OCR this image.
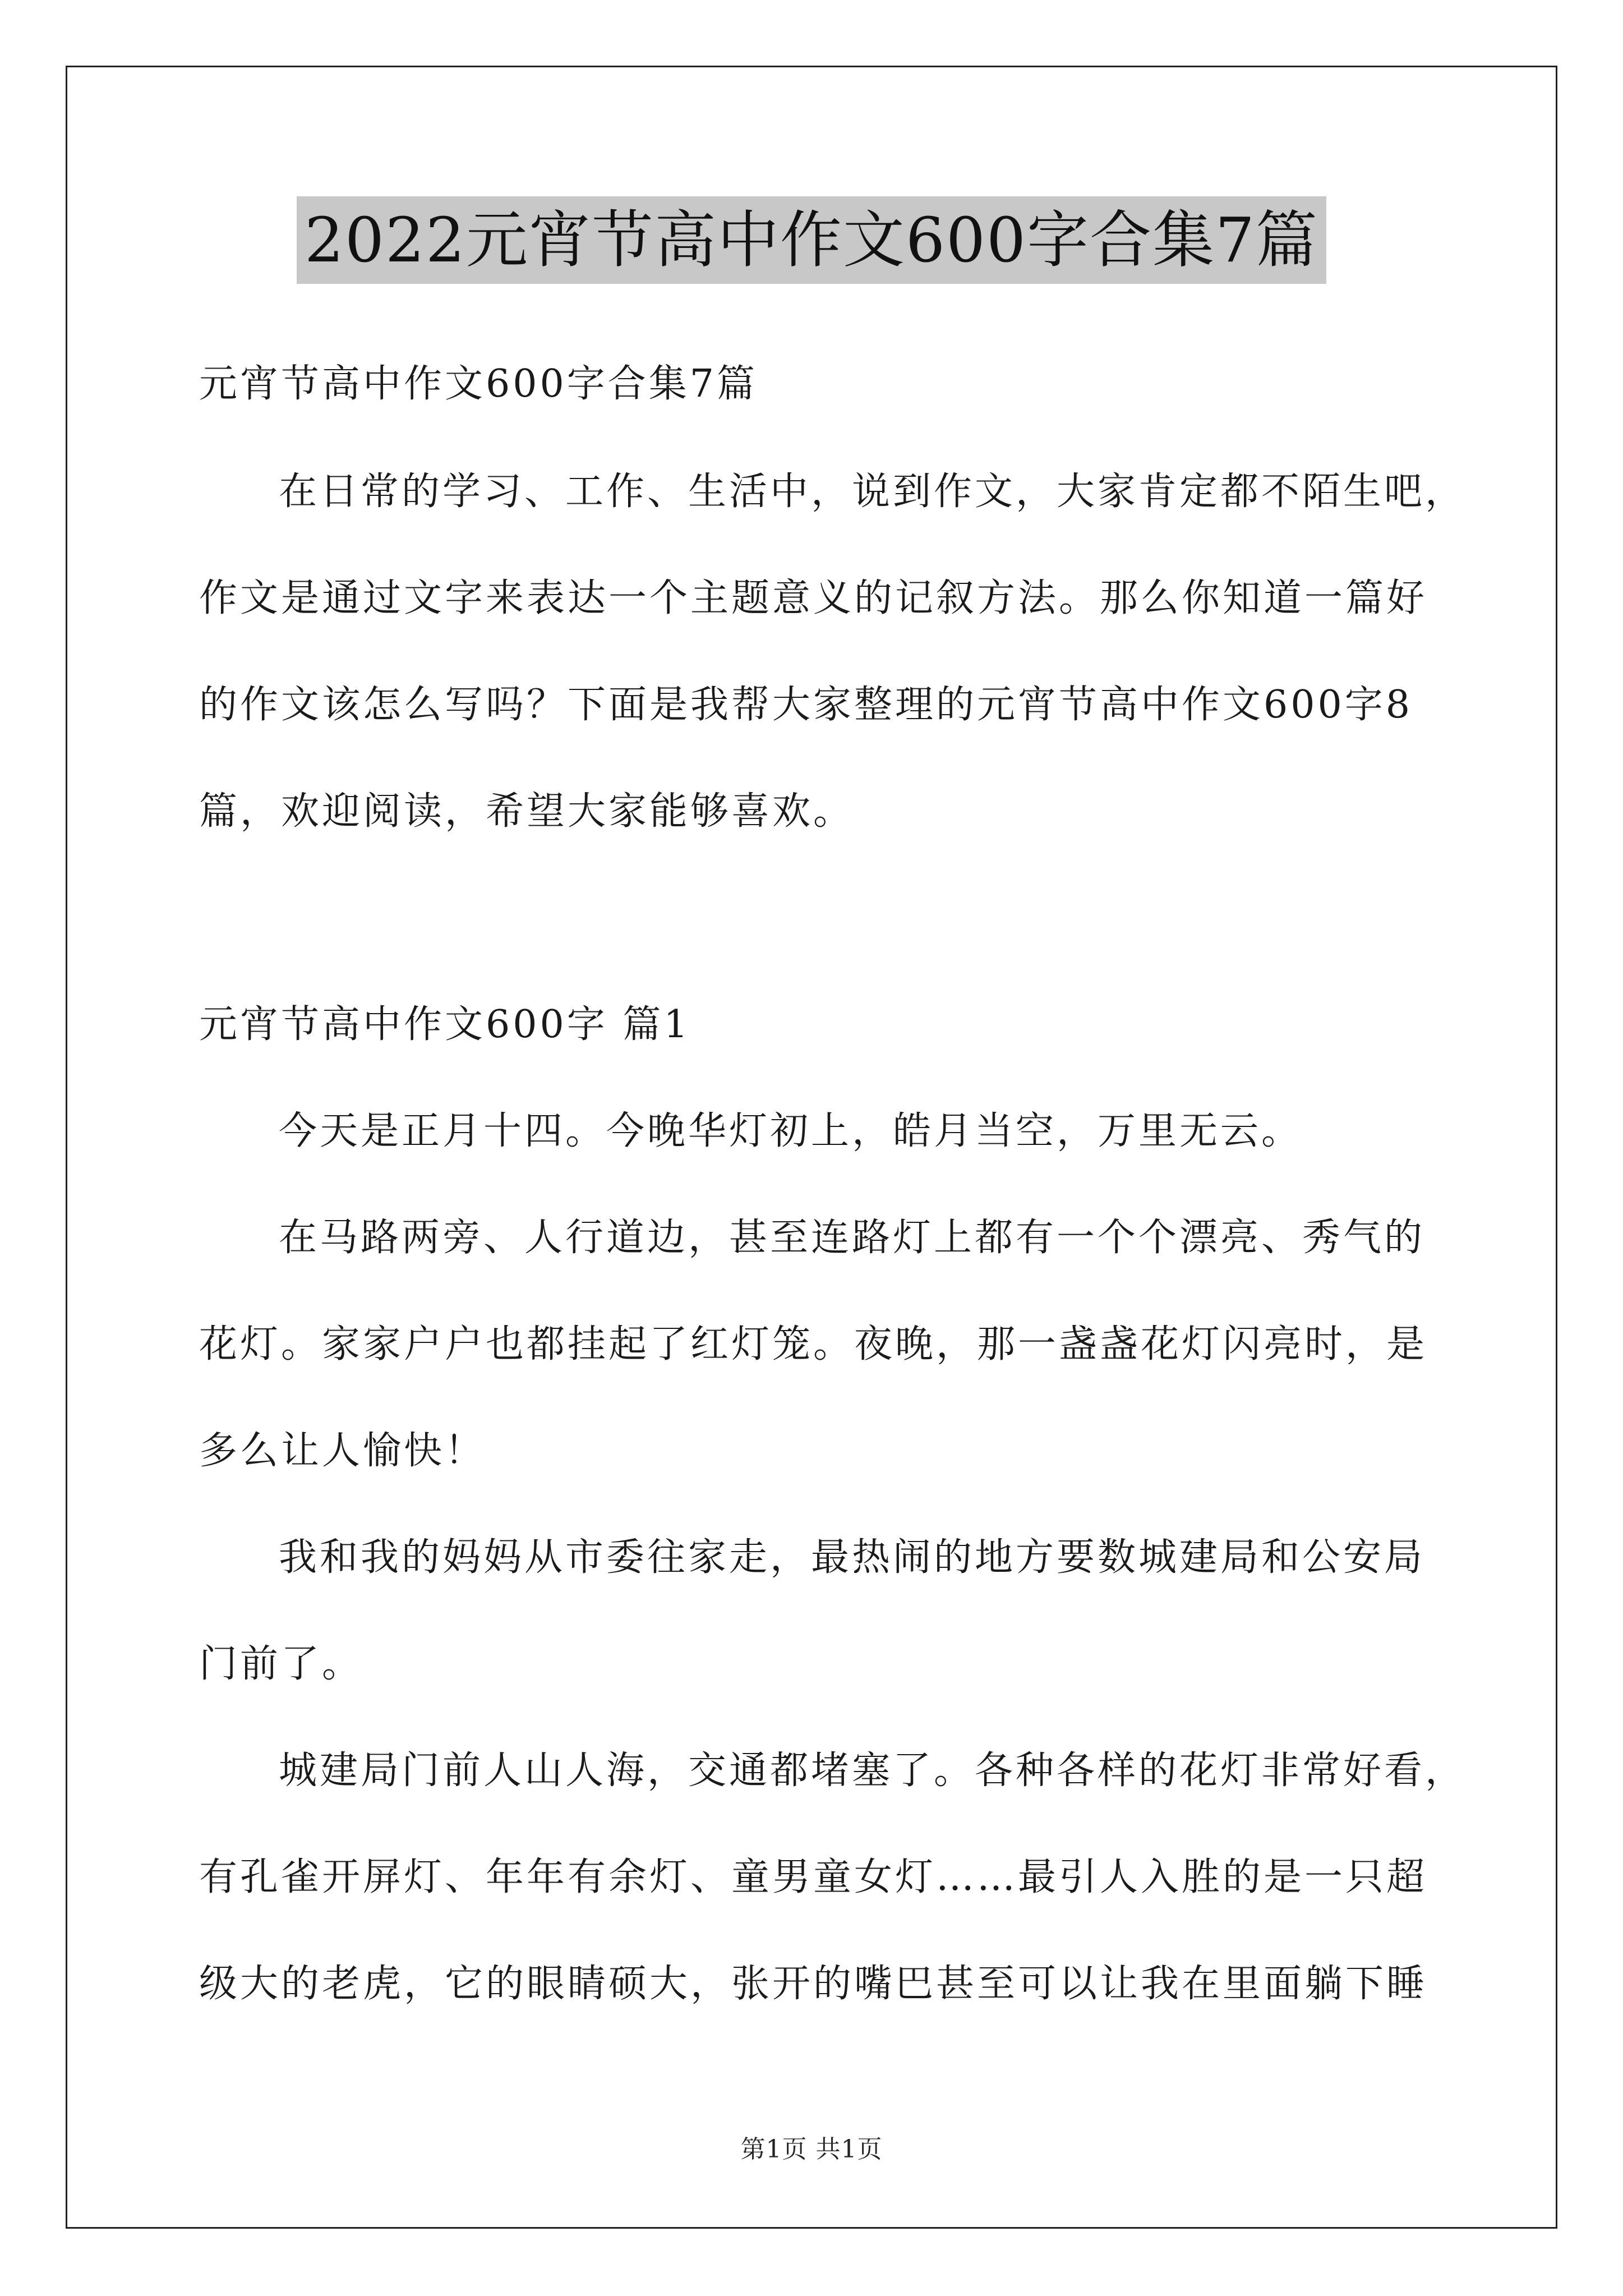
2022元宵节高中作文600字合集7篇
元宵节高中作文600字合集7篇
在日常的学习、工作、生活中，说到作文，大家肯定都不陌生吧，
作文是通过文字来表达一个主题意义的记叙方法。那么你知道一篇好
的作文该怎么写吗？下面是我帮大家整理的元宵节高中作文600字8
篇，欢迎阅读，希望大家能够喜欢。
元宵节高中作文600字 篇1
今天是正月十四。今晚华灯初上，皓月当空，万里无云。
在马路两旁、人行道边，甚至连路灯上都有一个个漂亮、秀气的
花灯。家家户户也都挂起了红灯笼。夜晚，那一盏盏花灯闪亮时，是
多么让人愉快！
我和我的妈妈从市委往家走，最热闹的地方要数城建局和公安局
门前了。
城建局门前人山人海，交通都堵塞了。各种各样的花灯非常好看，
有孔雀开屏灯、年年有余灯、童男童女灯……最引人入胜的是一只超
级大的老虎，它的眼睛硕大，张开的嘴巴甚至可以让我在里面躺下睡
第1页 共1页
